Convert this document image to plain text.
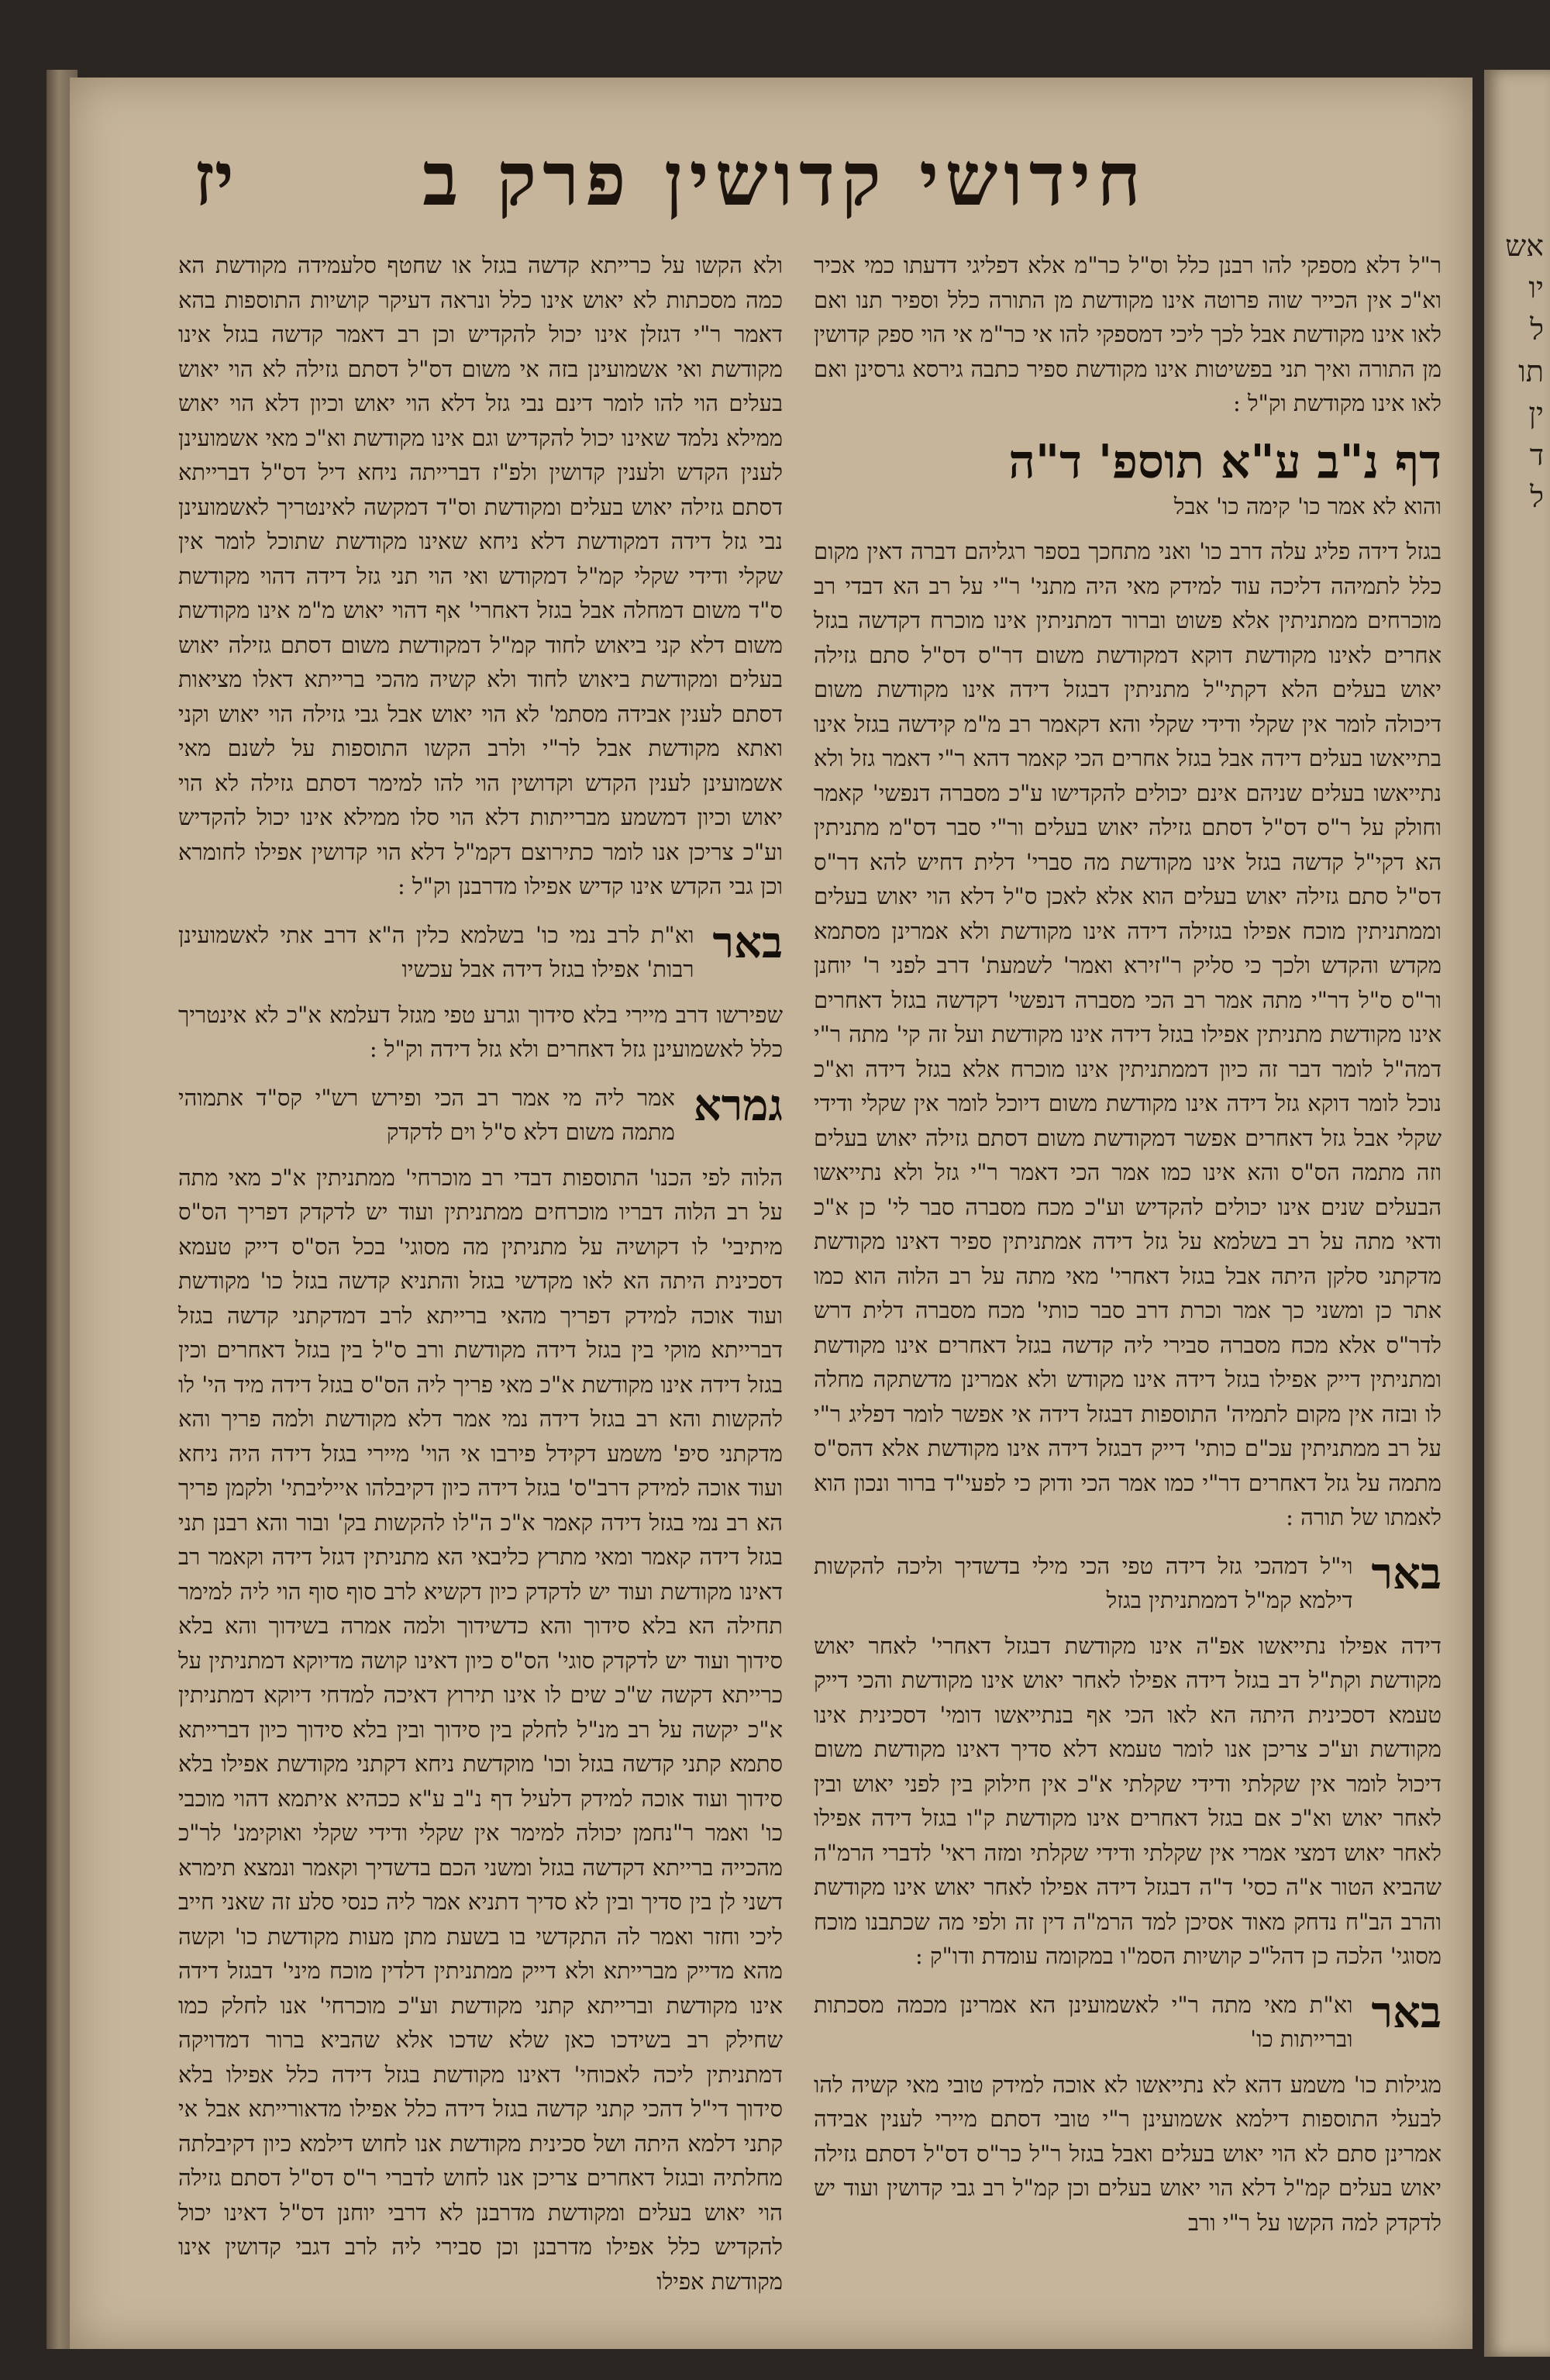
אש
יו
ל
תו
ין
ד
ל
חידושי קדושין פרק ב
יז

ר"ל דלא מספקי להו רבנן כלל וס"ל כר"מ אלא דפליגי דדעתו כמי אכיר וא"כ אין הכייר שוה פרוטה אינו מקודשת מן התורה כלל וספיר תנו ואם לאו אינו מקודשת אבל לכך ליכי דמספקי להו אי כר"מ אי הוי ספק קדושין מן התורה ואיך תני בפשיטות אינו מקודשת ספיר כתבה גירסא גרסינן ואם לאו אינו מקודשת וק"ל :

דף נ"ב ע"א תוספ' ד"ה
והוא לא אמר כו' קימה כו' אבל

בגזל דידה פליג עלה דרב כו' ואני מתחכך בספר רגליהם דברה דאין מקום כלל לתמיהה דליכה עוד למידק מאי היה מתני' ר"י על רב הא דבדי רב מוכרחים ממתניתין אלא פשוט וברור דמתניתין אינו מוכרח דקדשה בגזל אחרים לאינו מקודשת דוקא דמקודשת משום דר"ס דס"ל סתם גזילה יאוש בעלים הלא דקתי"ל מתניתין דבגזל דידה אינו מקודשת משום דיכולה לומר אין שקלי ודידי שקלי והא דקאמר רב מ"מ קידשה בגזל אינו בתייאשו בעלים דידה אבל בגזל אחרים הכי קאמר דהא ר"י דאמר גזל ולא נתייאשו בעלים שניהם אינם יכולים להקדישו ע"כ מסברה דנפשי' קאמר וחולק על ר"ס דס"ל דסתם גזילה יאוש בעלים ור"י סבר דס"מ מתניתין הא דקי"ל קדשה בגזל אינו מקודשת מה סברי' דלית דחיש להא דר"ס דס"ל סתם גזילה יאוש בעלים הוא אלא לאכן ס"ל דלא הוי יאוש בעלים וממתניתין מוכח אפילו בגזילה דידה אינו מקודשת ולא אמרינן מסתמא מקדש והקדש ולכך כי סליק ר"זירא ואמר' לשמעת' דרב לפני ר' יוחנן ור"ס ס"ל דר"י מתה אמר רב הכי מסברה דנפשי' דקדשה בגזל דאחרים אינו מקודשת מתניתין אפילו בגזל דידה אינו מקודשת ועל זה קי' מתה ר"י דמה"ל לומר דבר זה כיון דממתניתין אינו מוכרח אלא בגזל דידה וא"כ נוכל לומר דוקא גזל דידה אינו מקודשת משום דיוכל לומר אין שקלי ודידי שקלי אבל גזל דאחרים אפשר דמקודשת משום דסתם גזילה יאוש בעלים וזה מתמה הס"ס והא אינו כמו אמר הכי דאמר ר"י גזל ולא נתייאשו הבעלים שנים אינו יכולים להקדיש וע"כ מכח מסברה סבר לי' כן א"כ ודאי מתה על רב בשלמא על גזל דידה אמתניתין ספיר דאינו מקודשת מדקתני סלקן היתה אבל בגזל דאחרי' מאי מתה על רב הלוה הוא כמו אתר כן ומשני כך אמר וכרת דרב סבר כותי' מכח מסברה דלית דרש לדר"ס אלא מכח מסברה סבירי ליה קדשה בגזל דאחרים אינו מקודשת ומתניתין דייק אפילו בגזל דידה אינו מקודש ולא אמרינן מדשתקה מחלה לו ובזה אין מקום לתמיה' התוספות דבגזל דידה אי אפשר לומר דפליג ר"י על רב ממתניתין עכ"ם כותי' דייק דבגזל דידה אינו מקודשת אלא דהס"ס מתמה על גזל דאחרים דר"י כמו אמר הכי ודוק כי לפעי"ד ברור ונכון הוא לאמתו של תורה :

באר
וי"ל דמהכי גזל דידה טפי הכי מילי בדשדיך וליכה להקשות דילמא קמ"ל דממתניתין בגזל

דידה אפילו נתייאשו אפ"ה אינו מקודשת דבגזל דאחרי' לאחר יאוש מקודשת וקת"ל דב בגזל דידה אפילו לאחר יאוש אינו מקודשת והכי דייק טעמא דסכינית היתה הא לאו הכי אף בנתייאשו דומי' דסכינית אינו מקודשת וע"כ צריכן אנו לומר טעמא דלא סדיך דאינו מקודשת משום דיכול לומר אין שקלתי ודידי שקלתי א"כ אין חילוק בין לפני יאוש ובין לאחר יאוש וא"כ אם בגזל דאחרים אינו מקודשת ק"ו בגזל דידה אפילו לאחר יאוש דמצי אמרי אין שקלתי ודידי שקלתי ומזה ראי' לדברי הרמ"ה שהביא הטור א"ה כסי' ד"ה דבגזל דידה אפילו לאחר יאוש אינו מקודשת והרב הב"ח נדחק מאוד אסיכן למד הרמ"ה דין זה ולפי מה שכתבנו מוכח מסוגי' הלכה כן דהל"כ קושיות הסמ"ו במקומה עומדת ודו"ק :

באר
וא"ת מאי מתה ר"י לאשמועינן הא אמרינן מכמה מסכתות וברייתות כו'

מגילות כו' משמע דהא לא נתייאשו לא אוכה למידק טובי מאי קשיה להו לבעלי התוספות דילמא אשמועינן ר"י טובי דסתם מיירי לענין אבידה אמרינן סתם לא הוי יאוש בעלים ואבל בגזל ר"ל כר"ס דס"ל דסתם גזילה יאוש בעלים קמ"ל דלא הוי יאוש בעלים וכן קמ"ל רב גבי קדושין ועוד יש לדקדק למה הקשו על ר"י ורב

ולא הקשו על כרייתא קדשה בגזל או שחטף סלעמידה מקודשת הא כמה מסכתות לא יאוש אינו כלל ונראה דעיקר קושיות התוספות בהא דאמר ר"י דגזלן אינו יכול להקדיש וכן רב דאמר קדשה בגזל אינו מקודשת ואי אשמועינן בזה אי משום דס"ל דסתם גזילה לא הוי יאוש בעלים הוי להו לומר דינם נבי גזל דלא הוי יאוש וכיון דלא הוי יאוש ממילא נלמד שאינו יכול להקדיש וגם אינו מקודשת וא"כ מאי אשמועינן לענין הקדש ולענין קדושין ולפ"ז דברייתה ניחא דיל דס"ל דברייתא דסתם גזילה יאוש בעלים ומקודשת וס"ד דמקשה לאינטריך לאשמועינן נבי גזל דידה דמקודשת דלא ניחא שאינו מקודשת שתוכל לומר אין שקלי ודידי שקלי קמ"ל דמקודש ואי הוי תני גזל דידה דהוי מקודשת ס"ד משום דמחלה אבל בגזל דאחרי' אף דהוי יאוש מ"מ אינו מקודשת משום דלא קני ביאוש לחוד קמ"ל דמקודשת משום דסתם גזילה יאוש בעלים ומקודשת ביאוש לחוד ולא קשיה מהכי ברייתא דאלו מציאות דסתם לענין אבידה מסתמ' לא הוי יאוש אבל גבי גזילה הוי יאוש וקני ואתא מקודשת אבל לר"י ולרב הקשו התוספות על לשנם מאי אשמועינן לענין הקדש וקדושין הוי להו למימר דסתם גזילה לא הוי יאוש וכיון דמשמע מברייתות דלא הוי סלו ממילא אינו יכול להקדיש וע"כ צריכן אנו לומר כתירוצם דקמ"ל דלא הוי קדושין אפילו לחומרא וכן גבי הקדש אינו קדיש אפילו מדרבנן וק"ל :

באר
וא"ת לרב נמי כו' בשלמא כלין ה"א דרב אתי לאשמועינן רבות' אפילו בגזל דידה אבל עכשיו

שפירשו דרב מיירי בלא סידוך וגרע טפי מגזל דעלמא א"כ לא אינטריך כלל לאשמועינן גזל דאחרים ולא גזל דידה וק"ל :

גמרא
אמר ליה מי אמר רב הכי ופירש רש"י קס"ד אתמוהי מתמה משום דלא ס"ל וים לדקדק

הלוה לפי הכנו' התוספות דבדי רב מוכרחי' ממתניתין א"כ מאי מתה על רב הלוה דבריו מוכרחים ממתניתין ועוד יש לדקדק דפריך הס"ס מיתיבי' לו דקושיה על מתניתין מה מסוגי' בכל הס"ס דייק טעמא דסכינית היתה הא לאו מקדשי בגזל והתניא קדשה בגזל כו' מקודשת ועוד אוכה למידק דפריך מהאי ברייתא לרב דמדקתני קדשה בגזל דברייתא מוקי בין בגזל דידה מקודשת ורב ס"ל בין בגזל דאחרים וכין בגזל דידה אינו מקודשת א"כ מאי פריך ליה הס"ס בגזל דידה מיד הי' לו להקשות והא רב בגזל דידה נמי אמר דלא מקודשת ולמה פריך והא מדקתני סיפ' משמע דקידל פירבו אי הוי' מיירי בגזל דידה היה ניחא ועוד אוכה למידק דרב"ס' בגזל דידה כיון דקיבלהו אייליבתי' ולקמן פריך הא רב נמי בגזל דידה קאמר א"כ ה"לו להקשות בק' ובור והא רבנן תני בגזל דידה קאמר ומאי מתרץ כליבאי הא מתניתין דגזל דידה וקאמר רב דאינו מקודשת ועוד יש לדקדק כיון דקשיא לרב סוף סוף הוי ליה למימר תחילה הא בלא סידוך והא כדשידוך ולמה אמרה בשידוך והא בלא סידוך ועוד יש לדקדק סוגי' הס"ס כיון דאינו קושה מדיוקא דמתניתין על כרייתא דקשה ש"כ שים לו אינו תירוץ דאיכה למדחי דיוקא דמתניתין א"כ יקשה על רב מנ"ל לחלק בין סידוך ובין בלא סידוך כיון דברייתא סתמא קתני קדשה בגזל וכו' מוקדשת ניחא דקתני מקודשת אפילו בלא סידוך ועוד אוכה למידק דלעיל דף נ"ב ע"א ככהיא איתמא דהוי מוכבי כו' ואמר ר"נחמן יכולה למימר אין שקלי ודידי שקלי ואוקימנ' לר"כ מהכייה ברייתא דקדשה בגזל ומשני הכם בדשדיך וקאמר ונמצא תימרא דשני לן בין סדיך ובין לא סדיך דתניא אמר ליה כנסי סלע זה שאני חייב ליכי וחזר ואמר לה התקדשי בו בשעת מתן מעות מקודשת כו' וקשה מהא מדייק מברייתא ולא דייק ממתניתין דלדין מוכח מיני' דבגזל דידה אינו מקודשת וברייתא קתני מקודשת וע"כ מוכרחי' אנו לחלק כמו שחילק רב בשידכו כאן שלא שדכו אלא שהביא ברור דמדויקה דמתניתין ליכה לאכוחי' דאינו מקודשת בגזל דידה כלל אפילו בלא סידוך די"ל דהכי קתני קדשה בגזל דידה כלל אפילו מדאורייתא אבל אי קתני דלמא היתה ושל סכינית מקודשת אנו לחוש דילמא כיון דקיבלתה מחלתיה ובגזל דאחרים צריכן אנו לחוש לדברי ר"ס דס"ל דסתם גזילה הוי יאוש בעלים ומקודשת מדרבנן לא דרבי יוחנן דס"ל דאינו יכול להקדיש כלל אפילו מדרבנן וכן סבירי ליה לרב דגבי קדושין אינו מקודשת אפילו
